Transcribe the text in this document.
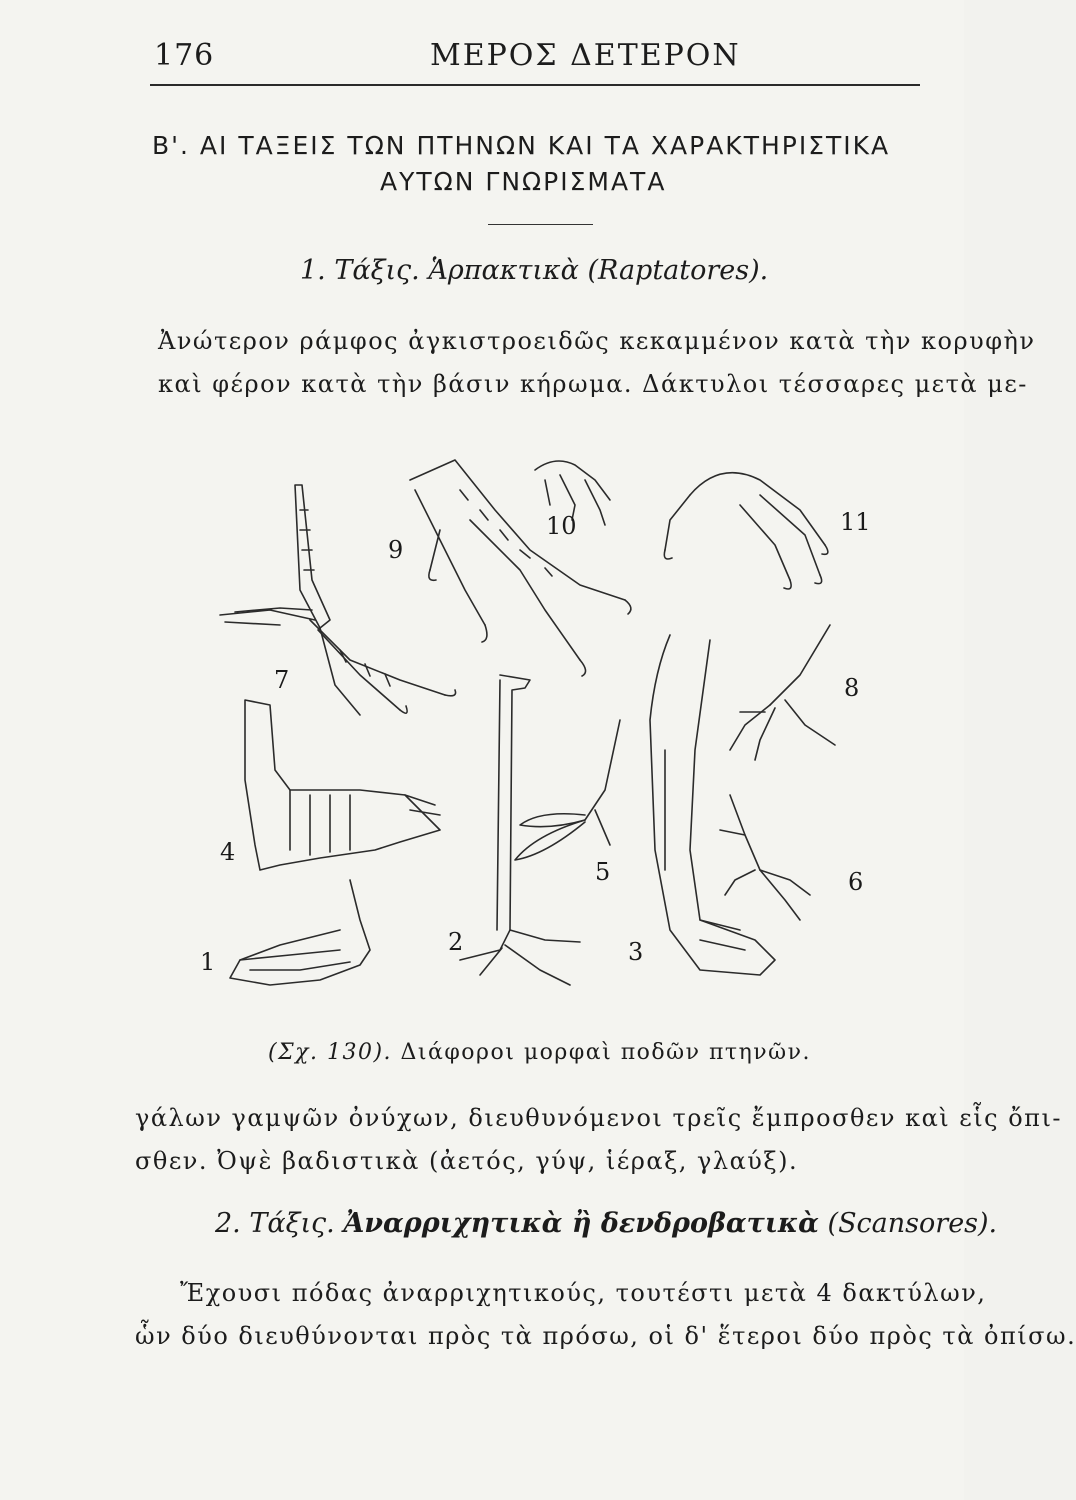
176	ΜΕΡΟΣ ΔΕΤΕΡΟΝ
Β'. ΑΙ ΤΑΞΕΙΣ ΤΩΝ ΠΤΗΝΩΝ ΚΑΙ ΤΑ ΧΑΡΑΚΤΗΡΙΣΤΙΚΑ
ΑΥΤΩΝ ΓΝΩΡΙΣΜΑΤΑ
1. Τάξις. Ἁρπακτικὰ (Raptatores).
Ἀνώτερον ράμφος ἀγκιστροειδῶς κεκαμμένον κατὰ τὴν κορυφὴν
καὶ φέρον κατὰ τὴν βάσιν κήρωμα. Δάκτυλοι τέσσαρες μετὰ με-
9
10	11
7	8
4
5	6
1
2	3
(Σχ. 130). Διάφοροι μορφαὶ ποδῶν πτηνῶν.
γάλων γαμψῶν ὀνύχων, διευθυνόμενοι τρεῖς ἔμπροσθεν καὶ εἷς ὄπι-
σθεν. Ὀψὲ βαδιστικὰ (ἀετός, γύψ, ἱέραξ, γλαύξ).
2. Τάξις. Ἀναρριχητικὰ ἢ δενδροβατικὰ (Scansores).
Ἔχουσι πόδας ἀναρριχητικούς, τουτέστι μετὰ 4 δακτύλων,
ὧν δύο διευθύνονται πρὸς τὰ πρόσω, οἱ δ' ἕτεροι δύο πρὸς τὰ ὀπίσω.
